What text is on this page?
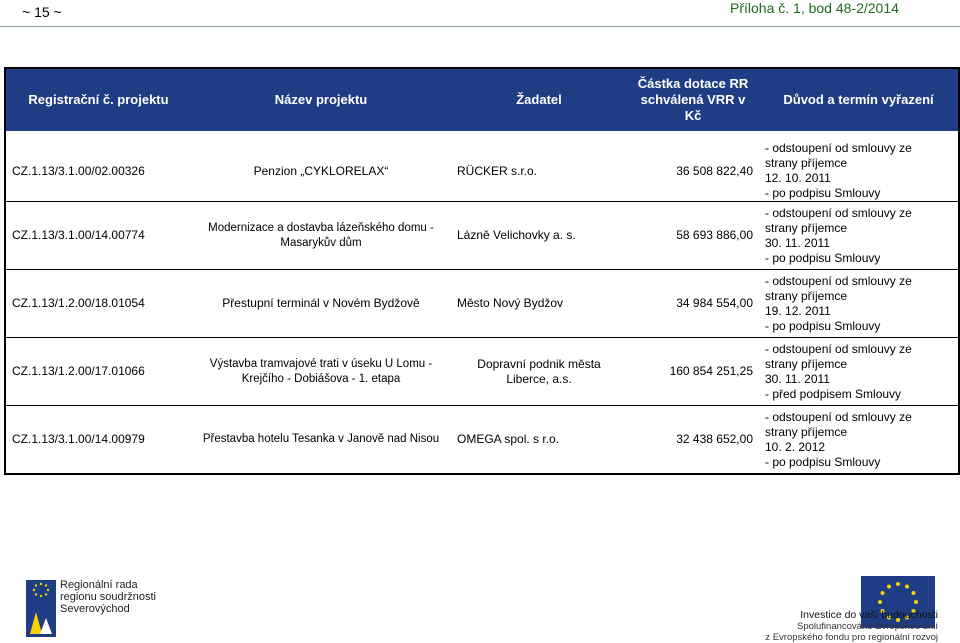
~ 15 ~	Příloha č. 1, bod 48-2/2014
Registrační č. projektu	Název projektu	Žadatel	Částka dotace RR
schválená VRR v Kč	Důvod a termín vyřazení

CZ.1.13/3.1.00/02.00326	Penzion „CYKLORELAX“	RÜCKER s.r.o.	36 508 822,40	- odstoupení od smlouvy ze
strany příjemce
12. 10. 2011
- po podpisu Smlouvy

CZ.1.13/3.1.00/14.00774	Modernizace a dostavba lázeňského domu - Masarykův dům	Lázně Velichovky a. s.	58 693 886,00	- odstoupení od smlouvy ze
strany příjemce
30. 11. 2011
- po podpisu Smlouvy

CZ.1.13/1.2.00/18.01054	Přestupní terminál v Novém Bydžově	Město Nový Bydžov	34 984 554,00	- odstoupení od smlouvy ze
strany příjemce
19. 12. 2011
- po podpisu Smlouvy

CZ.1.13/1.2.00/17.01066	Výstavba tramvajové trati v úseku U Lomu - Krejčího - Dobiášova - 1. etapa	Dopravní podnik města Liberce, a.s.	160 854 251,25	- odstoupení od smlouvy ze
strany příjemce
30. 11. 2011
- před podpisem Smlouvy

CZ.1.13/3.1.00/14.00979	Přestavba hotelu Tesanka v Janově nad Nisou	OMEGA spol. s r.o.	32 438 652,00	- odstoupení od smlouvy ze
strany příjemce
10. 2. 2012
- po podpisu Smlouvy
Regionální rada
regionu soudržnosti
Severovýchod	Investice do vaší budoucnosti
Spolufinancováno Evropskou unií
z Evropského fondu pro regionální rozvoj
